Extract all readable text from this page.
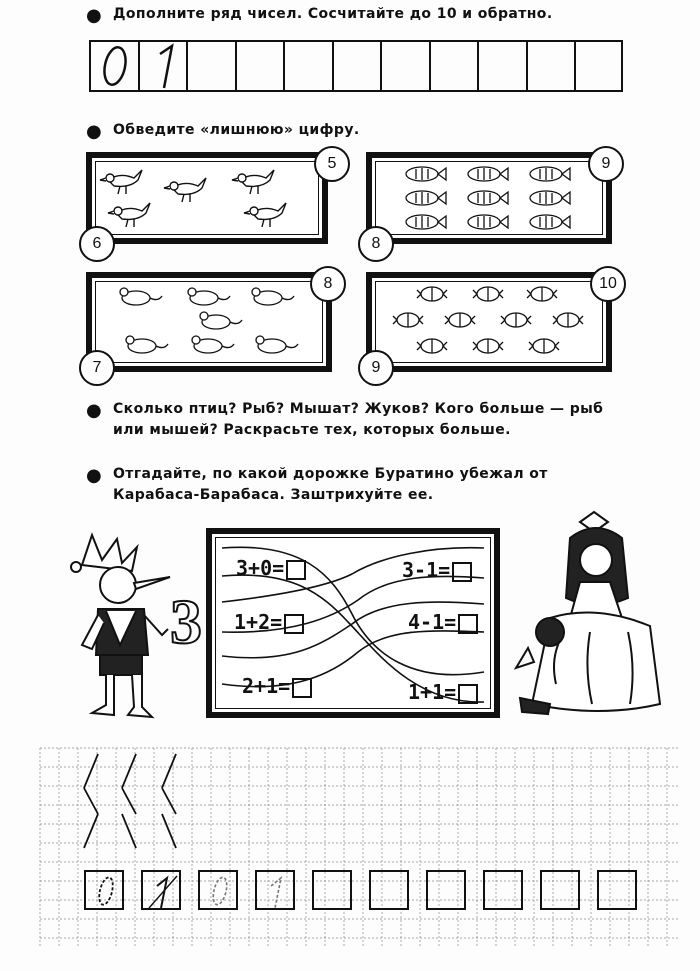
● Дополните ряд чисел. Сосчитайте до 10 и обратно.
0 1
● Обведите «лишнюю» цифру.
5
6
9
8
8
7
10
9
● Сколько птиц? Рыб? Мышат? Жуков? Кого больше — рыб или мышей? Раскрасьте тех, которых больше.
● Отгадайте, по какой дорожке Буратино убежал от Карабаса-Барабаса. Заштрихуйте ее.
3
3+0=	3-1=
1+2=	4-1=
2+1=	1+1=
0	1
